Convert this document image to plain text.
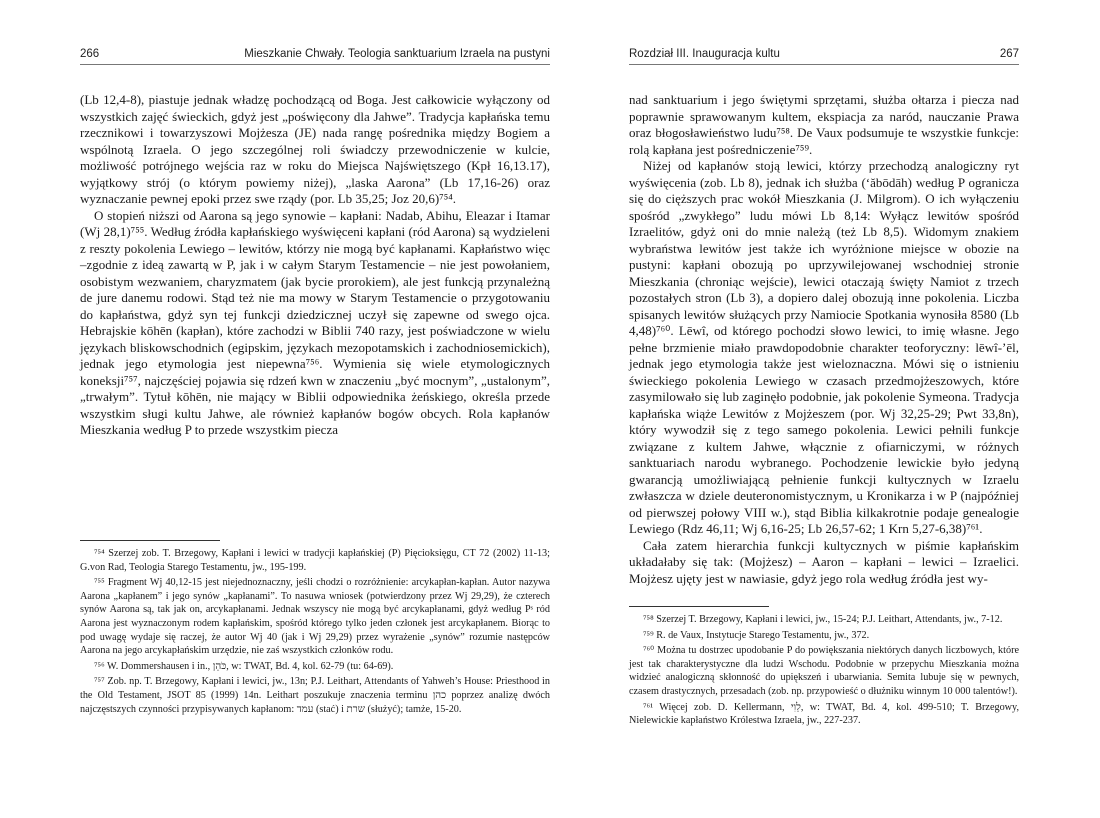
266	Mieszkanie Chwały. Teologia sanktuarium Izraela na pustyni

(Lb 12,4-8), piastuje jednak władzę pochodzącą od Boga. Jest całkowicie wyłączony od wszystkich zajęć świeckich, gdyż jest „poświęcony dla Jahwe”. Tradycja kapłańska temu rzecznikowi i towarzyszowi Mojżesza (JE) nada rangę pośrednika między Bogiem a wspólnotą Izraela. O jego szczególnej roli świadczy przewodniczenie w kulcie, możliwość potrójnego wejścia raz w roku do Miejsca Najświętszego (Kpł 16,13.17), wyjątkowy strój (o którym powiemy niżej), „laska Aarona” (Lb 17,16-26) oraz wyznaczanie pewnej epoki przez swe rządy (por. Lb 35,25; Joz 20,6)⁷⁵⁴.

O stopień niższi od Aarona są jego synowie – kapłani: Nadab, Abihu, Eleazar i Itamar (Wj 28,1)⁷⁵⁵. Według źródła kapłańskiego wyświęceni kapłani (ród Aarona) są wydzieleni z reszty pokolenia Lewiego – lewitów, którzy nie mogą być kapłanami. Kapłaństwo więc –zgodnie z ideą zawartą w P, jak i w całym Starym Testamencie – nie jest powołaniem, osobistym wezwaniem, charyzmatem (jak bycie prorokiem), ale jest funkcją przynależną de jure danemu rodowi. Stąd też nie ma mowy w Starym Testamencie o przygotowaniu do kapłaństwa, gdyż syn tej funkcji dziedzicznej uczył się zapewne od swego ojca. Hebrajskie kōhēn (kapłan), które zachodzi w Biblii 740 razy, jest poświadczone w wielu językach bliskowschodnich (egipskim, językach mezopotamskich i zachodniosemickich), jednak jego etymologia jest niepewna⁷⁵⁶. Wymienia się wiele etymologicznych koneksji⁷⁵⁷, najczęściej pojawia się rdzeń kwn w znaczeniu „być mocnym”, „ustalonym”, „trwałym”. Tytuł kōhēn, nie mający w Biblii odpowiednika żeńskiego, określa przede wszystkim sługi kultu Jahwe, ale również kapłanów bogów obcych. Rola kapłanów Mieszkania według P to przede wszystkim piecza

⁷⁵⁴ Szerzej zob. T. Brzegowy, Kapłani i lewici w tradycji kapłańskiej (P) Pięcioksięgu, CT 72 (2002) 11-13; G.von Rad, Teologia Starego Testamentu, jw., 195-199.

⁷⁵⁵ Fragment Wj 40,12-15 jest niejednoznaczny, jeśli chodzi o rozróżnienie: arcykapłan-kapłan. Autor nazywa Aarona „kapłanem” i jego synów „kapłanami”. To nasuwa wniosek (potwierdzony przez Wj 29,29), że czterech synów Aarona są, tak jak on, arcykapłanami. Jednak wszyscy nie mogą być arcykapłanami, gdyż według Pˢ ród Aarona jest wyznaczonym rodem kapłańskim, spośród którego tylko jeden członek jest arcykapłanem. Biorąc to pod uwagę wydaje się raczej, że autor Wj 40 (jak i Wj 29,29) przez wyrażenie „synów” rozumie następców Aarona na jego arcykapłańskim urzędzie, nie zaś wszystkich członków rodu.

⁷⁵⁶ W. Dommershausen i in., כֹּהֵן, w: TWAT, Bd. 4, kol. 62-79 (tu: 64-69).

⁷⁵⁷ Zob. np. T. Brzegowy, Kapłani i lewici, jw., 13n; P.J. Leithart, Attendants of Yahweh’s House: Priesthood in the Old Testament, JSOT 85 (1999) 14n. Leithart poszukuje znaczenia terminu כהן poprzez analizę dwóch najczęstszych czynności przypisywanych kapłanom: עמד (stać) i שרת (służyć); tamże, 15-20.

Rozdział III. Inauguracja kultu	267

nad sanktuarium i jego świętymi sprzętami, służba ołtarza i piecza nad poprawnie sprawowanym kultem, ekspiacja za naród, nauczanie Prawa oraz błogosławieństwo ludu⁷⁵⁸. De Vaux podsumuje te wszystkie funkcje: rolą kapłana jest pośredniczenie⁷⁵⁹.

Niżej od kapłanów stoją lewici, którzy przechodzą analogiczny ryt wyświęcenia (zob. Lb 8), jednak ich służba (‘ăbōdāh) według P ogranicza się do cięższych prac wokół Mieszkania (J. Milgrom). O ich wyłączeniu spośród „zwykłego” ludu mówi Lb 8,14: Wyłącz lewitów spośród Izraelitów, gdyż oni do mnie należą (też Lb 8,5). Widomym znakiem wybraństwa lewitów jest także ich wyróżnione miejsce w obozie na pustyni: kapłani obozują po uprzywilejowanej wschodniej stronie Mieszkania (chroniąc wejście), lewici otaczają święty Namiot z trzech pozostałych stron (Lb 3), a dopiero dalej obozują inne pokolenia. Liczba spisanych lewitów służących przy Namiocie Spotkania wynosiła 8580 (Lb 4,48)⁷⁶⁰. Lēwî, od którego pochodzi słowo lewici, to imię własne. Jego pełne brzmienie miało prawdopodobnie charakter teoforyczny: lēwî-’ēl, jednak jego etymologia także jest wieloznaczna. Mówi się o istnieniu świeckiego pokolenia Lewiego w czasach przedmojżeszowych, które zasymilowało się lub zaginęło podobnie, jak pokolenie Symeona. Tradycja kapłańska wiąże Lewitów z Mojżeszem (por. Wj 32,25-29; Pwt 33,8n), który wywodził się z tego samego pokolenia. Lewici pełnili funkcje związane z kultem Jahwe, włącznie z ofiarniczymi, w różnych sanktuariach narodu wybranego. Pochodzenie lewickie było jedyną gwarancją umożliwiającą pełnienie funkcji kultycznych w Izraelu zwłaszcza w dziele deuteronomistycznym, u Kronikarza i w P (najpóźniej od pierwszej połowy VIII w.), stąd Biblia kilkakrotnie podaje genealogie Lewiego (Rdz 46,11; Wj 6,16-25; Lb 26,57-62; 1 Krn 5,27-6,38)⁷⁶¹.

Cała zatem hierarchia funkcji kultycznych w piśmie kapłańskim układałaby się tak: (Mojżesz) – Aaron – kapłani – lewici – Izraelici. Mojżesz ujęty jest w nawiasie, gdyż jego rola według źródła jest wy-

⁷⁵⁸ Szerzej T. Brzegowy, Kapłani i lewici, jw., 15-24; P.J. Leithart, Attendants, jw., 7-12.

⁷⁵⁹ R. de Vaux, Instytucje Starego Testamentu, jw., 372.

⁷⁶⁰ Można tu dostrzec upodobanie P do powiększania niektórych danych liczbowych, które jest tak charakterystyczne dla ludzi Wschodu. Podobnie w przepychu Mieszkania można widzieć analogiczną skłonność do upiększeń i ubarwiania. Semita lubuje się w pewnych, czasem drastycznych, przesadach (zob. np. przypowieść o dłużniku winnym 10 000 talentów!).

⁷⁶¹ Więcej zob. D. Kellermann, לֵוִי, w: TWAT, Bd. 4, kol. 499-510; T. Brzegowy, Nielewickie kapłaństwo Królestwa Izraela, jw., 227-237.
